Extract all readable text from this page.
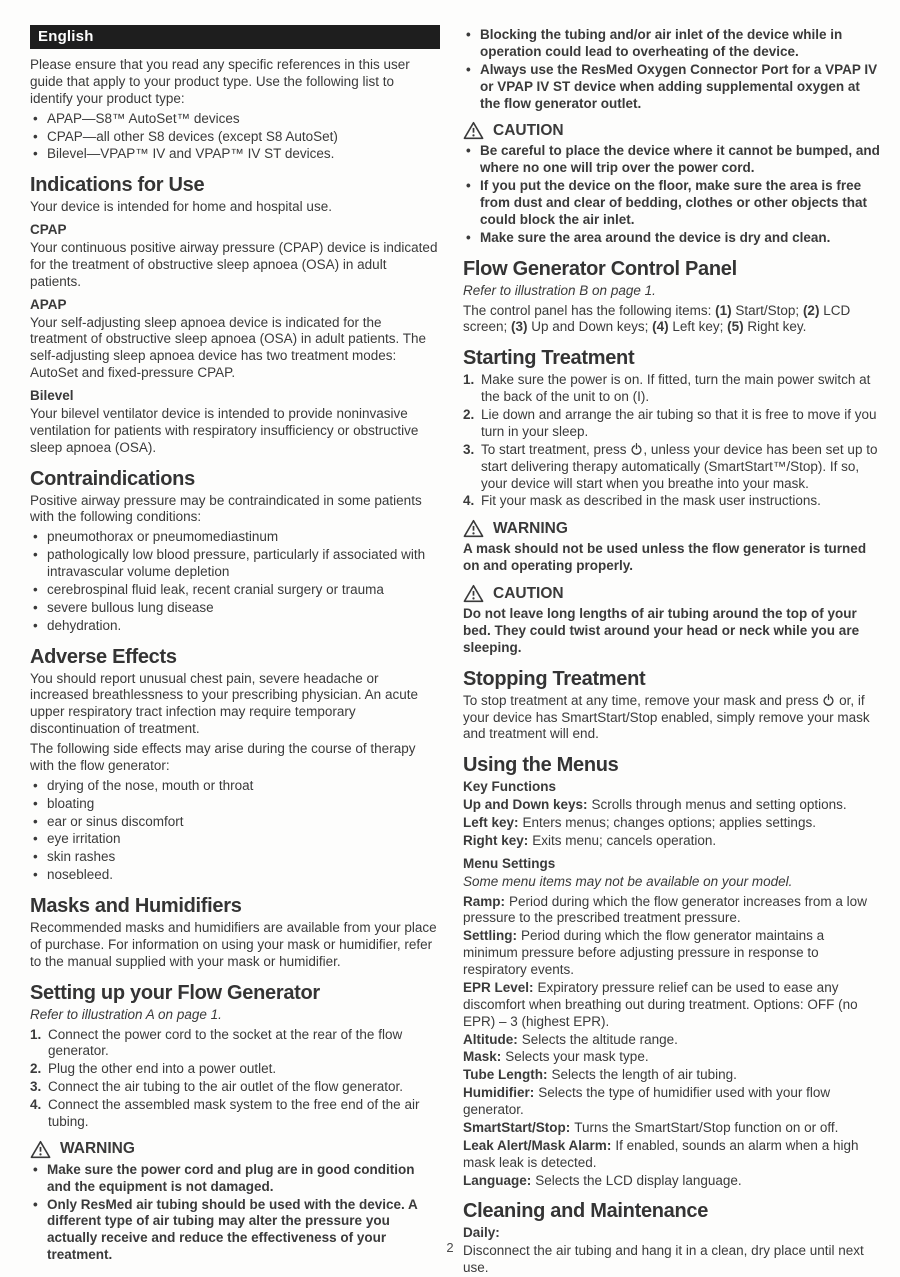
English

Please ensure that you read any specific references in this user guide that apply to your product type. Use the following list to identify your product type:

• APAP—S8™ AutoSet™ devices
• CPAP—all other S8 devices (except S8 AutoSet)
• Bilevel—VPAP™ IV and VPAP™ IV ST devices.
Indications for Use

Your device is intended for home and hospital use.

CPAP

Your continuous positive airway pressure (CPAP) device is indicated for the treatment of obstructive sleep apnoea (OSA) in adult patients.

APAP

Your self-adjusting sleep apnoea device is indicated for the treatment of obstructive sleep apnoea (OSA) in adult patients. The self-adjusting sleep apnoea device has two treatment modes: AutoSet and fixed-pressure CPAP.

Bilevel

Your bilevel ventilator device is intended to provide noninvasive ventilation for patients with respiratory insufficiency or obstructive sleep apnoea (OSA).

Contraindications

Positive airway pressure may be contraindicated in some patients with the following conditions:

• pneumothorax or pneumomediastinum
• pathologically low blood pressure, particularly if associated with intravascular volume depletion
• cerebrospinal fluid leak, recent cranial surgery or trauma
• severe bullous lung disease
• dehydration.
Adverse Effects

You should report unusual chest pain, severe headache or increased breathlessness to your prescribing physician. An acute upper respiratory tract infection may require temporary discontinuation of treatment.

The following side effects may arise during the course of therapy with the flow generator:

• drying of the nose, mouth or throat
• bloating
• ear or sinus discomfort
• eye irritation
• skin rashes
• nosebleed.
Masks and Humidifiers

Recommended masks and humidifiers are available from your place of purchase. For information on using your mask or humidifier, refer to the manual supplied with your mask or humidifier.

Setting up your Flow Generator

Refer to illustration A on page 1.

Connect the power cord to the socket at the rear of the flow generator.
Plug the other end into a power outlet.
Connect the air tubing to the air outlet of the flow generator.
Connect the assembled mask system to the free end of the air tubing.
WARNING
• Make sure the power cord and plug are in good condition and the equipment is not damaged.
• Only ResMed air tubing should be used with the device. A different type of air tubing may alter the pressure you actually receive and reduce the effectiveness of your treatment.
• Blocking the tubing and/or air inlet of the device while in operation could lead to overheating of the device.
• Always use the ResMed Oxygen Connector Port for a VPAP IV or VPAP IV ST device when adding supplemental oxygen at the flow generator outlet.
CAUTION
• Be careful to place the device where it cannot be bumped, and where no one will trip over the power cord.
• If you put the device on the floor, make sure the area is free from dust and clear of bedding, clothes or other objects that could block the air inlet.
• Make sure the area around the device is dry and clean.
Flow Generator Control Panel

Refer to illustration B on page 1.

The control panel has the following items: (1) Start/Stop; (2) LCD screen; (3) Up and Down keys; (4) Left key; (5) Right key.

Starting Treatment
Make sure the power is on. If fitted, turn the main power switch at the back of the unit to on (I).
Lie down and arrange the air tubing so that it is free to move if you turn in your sleep.
To start treatment, press
, unless your device has been set up to start delivering therapy automatically (SmartStart™/Stop). If so, your device will start when you breathe into your mask.
Fit your mask as described in the mask user instructions.
WARNING

A mask should not be used unless the flow generator is turned on and operating properly.

CAUTION

Do not leave long lengths of air tubing around the top of your bed. They could twist around your head or neck while you are sleeping.

Stopping Treatment

To stop treatment at any time, remove your mask and press
or, if your device has SmartStart/Stop enabled, simply remove your mask and treatment will end.

Using the Menus

Key Functions

Up and Down keys: Scrolls through menus and setting options.

Left key: Enters menus; changes options; applies settings.

Right key: Exits menu; cancels operation.

Menu Settings

Some menu items may not be available on your model.

Ramp: Period during which the flow generator increases from a low pressure to the prescribed treatment pressure.

Settling: Period during which the flow generator maintains a minimum pressure before adjusting pressure in response to respiratory events.

EPR Level: Expiratory pressure relief can be used to ease any discomfort when breathing out during treatment. Options: OFF (no EPR) – 3 (highest EPR).

Altitude: Selects the altitude range.

Mask: Selects your mask type.

Tube Length: Selects the length of air tubing.

Humidifier: Selects the type of humidifier used with your flow generator.

SmartStart/Stop: Turns the SmartStart/Stop function on or off.

Leak Alert/Mask Alarm: If enabled, sounds an alarm when a high mask leak is detected.

Language: Selects the LCD display language.

Cleaning and Maintenance

Daily:

Disconnect the air tubing and hang it in a clean, dry place until next use.

2
